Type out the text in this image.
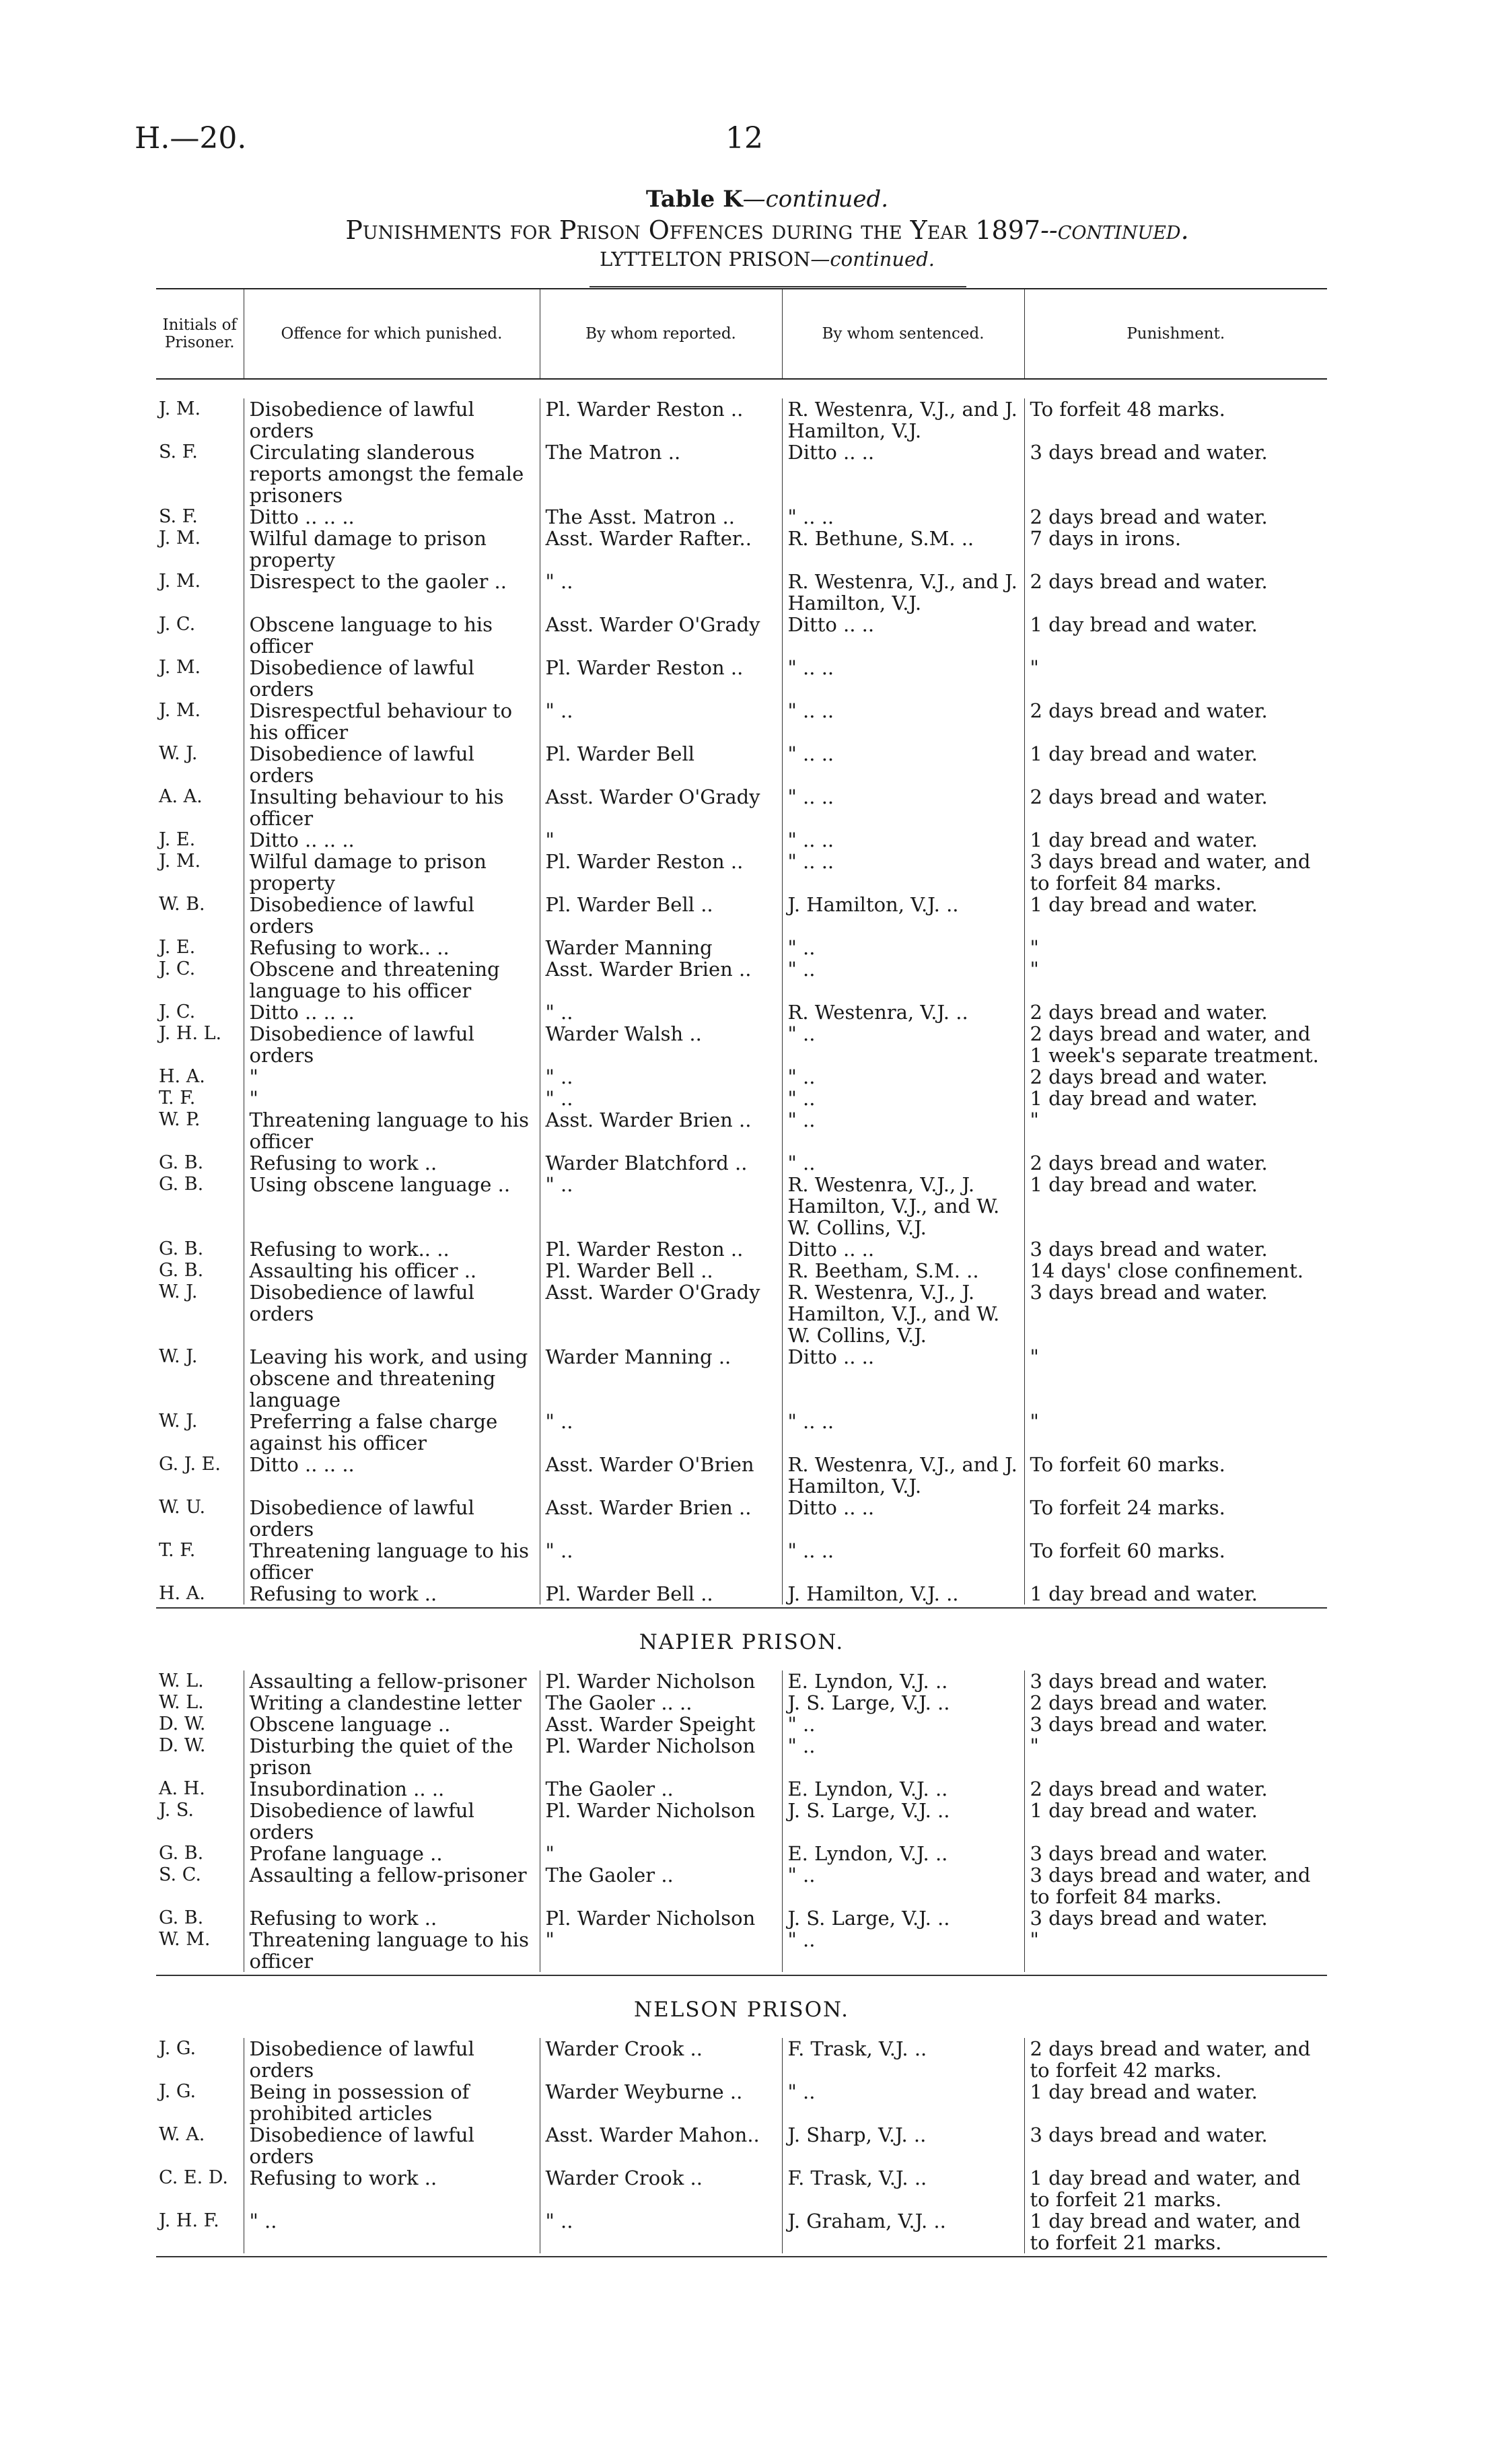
H.—20.	12
Table K—continued.
Punishments for Prison Offences during the Year 1897--continued.
LYTTELTON PRISON—continued.
Initials of Prisoner.	Offence for which punished.	By whom reported.	By whom sentenced.	Punishment.

J. M.	Disobedience of lawful orders	Pl. Warder Reston ..	R. Westenra, V.J., and J. Hamilton, V.J.	To forfeit 48 marks.
S. F.	Circulating slanderous reports amongst the female prisoners	The Matron ..	Ditto .. ..	3 days bread and water.
S. F.	Ditto .. .. ..	The Asst. Matron ..	" .. ..	2 days bread and water.
J. M.	Wilful damage to prison property	Asst. Warder Rafter..	R. Bethune, S.M. ..	7 days in irons.
J. M.	Disrespect to the gaoler ..	" ..	R. Westenra, V.J., and J. Hamilton, V.J.	2 days bread and water.
J. C.	Obscene language to his officer	Asst. Warder O'Grady	Ditto .. ..	1 day bread and water.
J. M.	Disobedience of lawful orders	Pl. Warder Reston ..	" .. ..	"
J. M.	Disrespectful behaviour to his officer	" ..	" .. ..	2 days bread and water.
W. J.	Disobedience of lawful orders	Pl. Warder Bell	" .. ..	1 day bread and water.
A. A.	Insulting behaviour to his officer	Asst. Warder O'Grady	" .. ..	2 days bread and water.
J. E.	Ditto .. .. ..	"	" .. ..	1 day bread and water.
J. M.	Wilful damage to prison property	Pl. Warder Reston ..	" .. ..	3 days bread and water, and to forfeit 84 marks.
W. B.	Disobedience of lawful orders	Pl. Warder Bell ..	J. Hamilton, V.J. ..	1 day bread and water.
J. E.	Refusing to work.. ..	Warder Manning	" ..	"
J. C.	Obscene and threatening language to his officer	Asst. Warder Brien ..	" ..	"
J. C.	Ditto .. .. ..	" ..	R. Westenra, V.J. ..	2 days bread and water.
J. H. L.	Disobedience of lawful orders	Warder Walsh ..	" ..	2 days bread and water, and 1 week's separate treatment.
H. A.	"	" ..	" ..	2 days bread and water.
T. F.	"	" ..	" ..	1 day bread and water.
W. P.	Threatening language to his officer	Asst. Warder Brien ..	" ..	"
G. B.	Refusing to work ..	Warder Blatchford ..	" ..	2 days bread and water.
G. B.	Using obscene language ..	" ..	R. Westenra, V.J., J. Hamilton, V.J., and W. W. Collins, V.J.	1 day bread and water.
G. B.	Refusing to work.. ..	Pl. Warder Reston ..	Ditto .. ..	3 days bread and water.
G. B.	Assaulting his officer ..	Pl. Warder Bell ..	R. Beetham, S.M. ..	14 days' close confinement.
W. J.	Disobedience of lawful orders	Asst. Warder O'Grady	R. Westenra, V.J., J. Hamilton, V.J., and W. W. Collins, V.J.	3 days bread and water.
W. J.	Leaving his work, and using obscene and threatening language	Warder Manning ..	Ditto .. ..	"
W. J.	Preferring a false charge against his officer	" ..	" .. ..	"
G. J. E.	Ditto .. .. ..	Asst. Warder O'Brien	R. Westenra, V.J., and J. Hamilton, V.J.	To forfeit 60 marks.
W. U.	Disobedience of lawful orders	Asst. Warder Brien ..	Ditto .. ..	To forfeit 24 marks.
T. F.	Threatening language to his officer	" ..	" .. ..	To forfeit 60 marks.
H. A.	Refusing to work ..	Pl. Warder Bell ..	J. Hamilton, V.J. ..	1 day bread and water.

NAPIER PRISON.				
W. L.	Assaulting a fellow-prisoner	Pl. Warder Nicholson	E. Lyndon, V.J. ..	3 days bread and water.
W. L.	Writing a clandestine letter	The Gaoler .. ..	J. S. Large, V.J. ..	2 days bread and water.
D. W.	Obscene language ..	Asst. Warder Speight	" ..	3 days bread and water.
D. W.	Disturbing the quiet of the prison	Pl. Warder Nicholson	" ..	"
A. H.	Insubordination .. ..	The Gaoler ..	E. Lyndon, V.J. ..	2 days bread and water.
J. S.	Disobedience of lawful orders	Pl. Warder Nicholson	J. S. Large, V.J. ..	1 day bread and water.
G. B.	Profane language ..	"	E. Lyndon, V.J. ..	3 days bread and water.
S. C.	Assaulting a fellow-prisoner	The Gaoler ..	" ..	3 days bread and water, and to forfeit 84 marks.
G. B.	Refusing to work ..	Pl. Warder Nicholson	J. S. Large, V.J. ..	3 days bread and water.
W. M.	Threatening language to his officer	"	" ..	"

NELSON PRISON.				
J. G.	Disobedience of lawful orders	Warder Crook ..	F. Trask, V.J. ..	2 days bread and water, and to forfeit 42 marks.
J. G.	Being in possession of prohibited articles	Warder Weyburne ..	" ..	1 day bread and water.
W. A.	Disobedience of lawful orders	Asst. Warder Mahon..	J. Sharp, V.J. ..	3 days bread and water.
C. E. D.	Refusing to work ..	Warder Crook ..	F. Trask, V.J. ..	1 day bread and water, and to forfeit 21 marks.
J. H. F.	" ..	" ..	J. Graham, V.J. ..	1 day bread and water, and to forfeit 21 marks.
